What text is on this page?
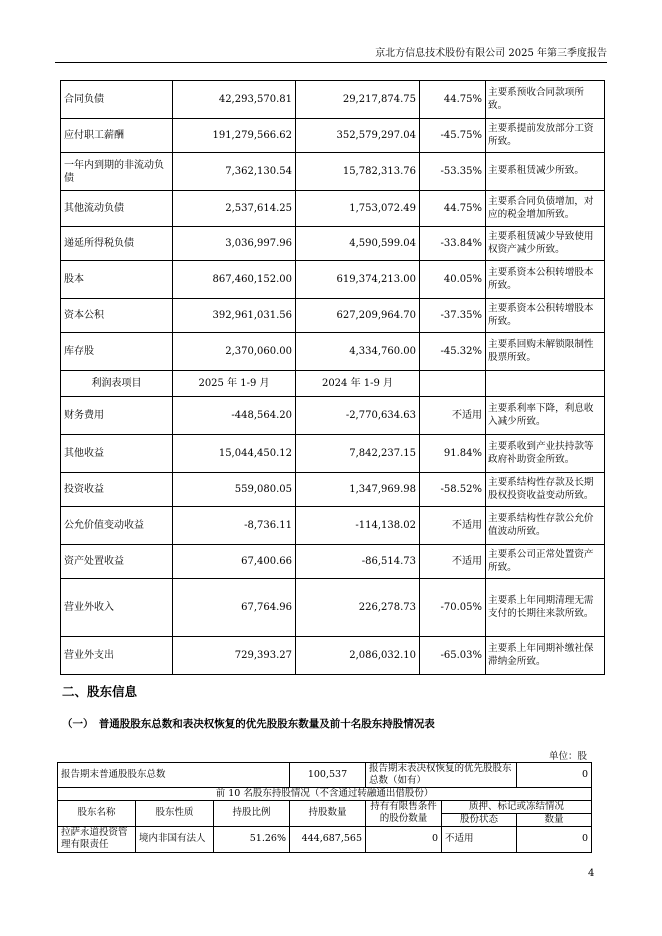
京北方信息技术股份有限公司 2025 年第三季度报告
合同负债	42,293,570.81	29,217,874.75	44.75%	主要系预收合同款项所致。
应付职工薪酬	191,279,566.62	352,579,297.04	-45.75%	主要系提前发放部分工资所致。
一年内到期的非流动负债	7,362,130.54	15,782,313.76	-53.35%	主要系租赁减少所致。
其他流动负债	2,537,614.25	1,753,072.49	44.75%	主要系合同负债增加，对应的税金增加所致。
递延所得税负债	3,036,997.96	4,590,599.04	-33.84%	主要系租赁减少导致使用权资产减少所致。
股本	867,460,152.00	619,374,213.00	40.05%	主要系资本公积转增股本所致。
资本公积	392,961,031.56	627,209,964.70	-37.35%	主要系资本公积转增股本所致。
库存股	2,370,060.00	4,334,760.00	-45.32%	主要系回购未解锁限制性股票所致。
利润表项目	2025 年 1-9 月	2024 年 1-9 月		
财务费用	-448,564.20	-2,770,634.63	不适用	主要系利率下降，利息收入减少所致。
其他收益	15,044,450.12	7,842,237.15	91.84%	主要系收到产业扶持款等政府补助资金所致。
投资收益	559,080.05	1,347,969.98	-58.52%	主要系结构性存款及长期股权投资收益变动所致。
公允价值变动收益	-8,736.11	-114,138.02	不适用	主要系结构性存款公允价值波动所致。
资产处置收益	67,400.66	-86,514.73	不适用	主要系公司正常处置资产所致。
营业外收入	67,764.96	226,278.73	-70.05%	主要系上年同期清理无需支付的长期往来款所致。
营业外支出	729,393.27	2,086,032.10	-65.03%	主要系上年同期补缴社保滞纳金所致。
二、股东信息
（一）　普通股股东总数和表决权恢复的优先股股东数量及前十名股东持股情况表
单位：股
报告期末普通股股东总数			100,537	报告期末表决权恢复的优先股股东总数（如有）		0
前 10 名股东持股情况（不含通过转融通出借股份）						
股东名称	股东性质	持股比例	持股数量	持有有限售条件的股份数量	质押、标记或冻结情况	
					股份状态	数量
拉萨永道投资管理有限责任	境内非国有法人	51.26%	444,687,565	0	不适用	0
4
